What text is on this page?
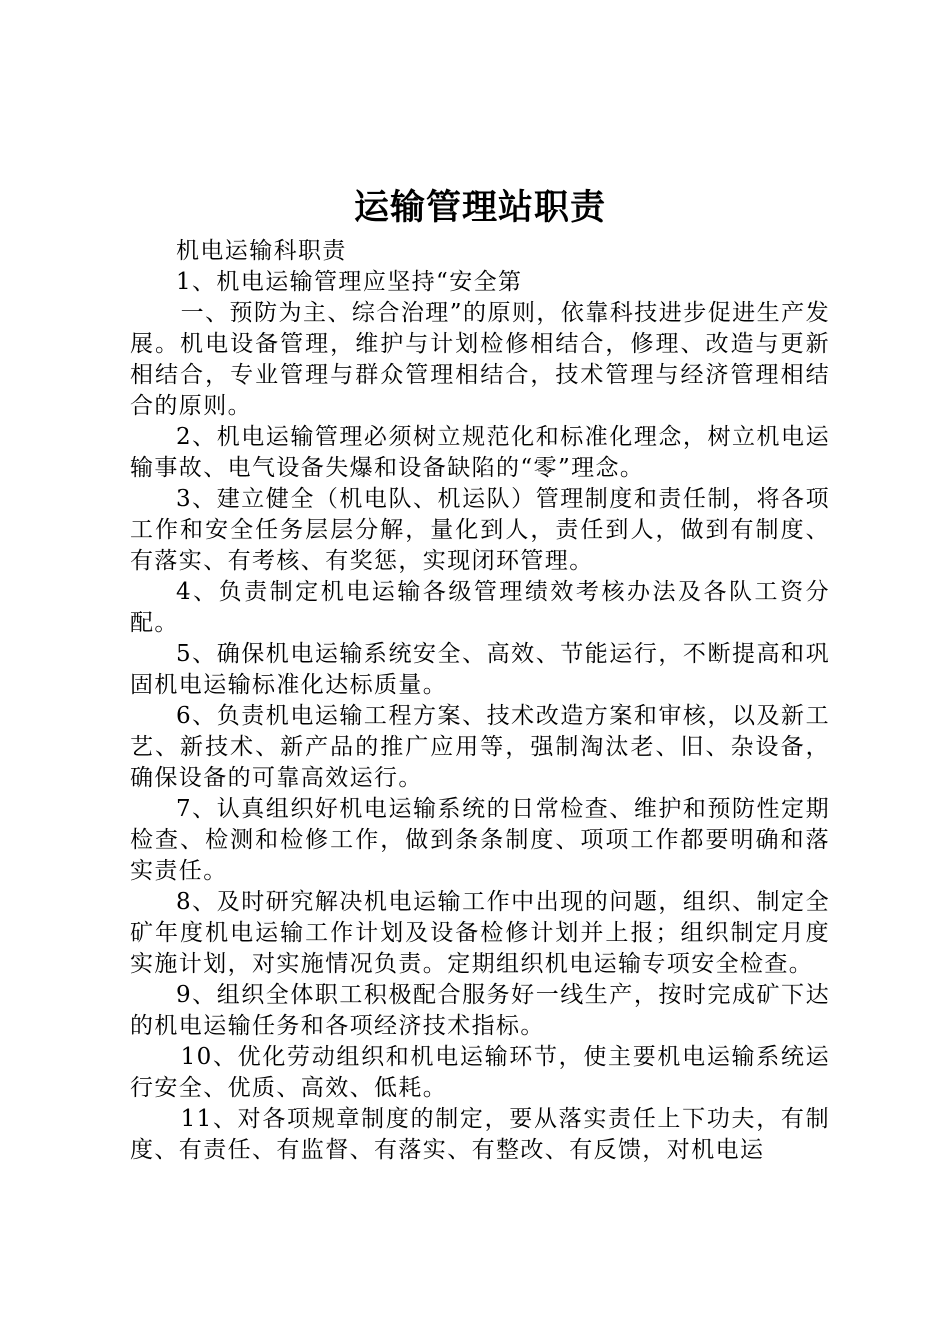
运输管理站职责

机电运输科职责

1、机电运输管理应坚持“安全第

一、预防为主、综合治理”的原则，依靠科技进步促进生产发展。机电设备管理，维护与计划检修相结合，修理、改造与更新相结合，专业管理与群众管理相结合，技术管理与经济管理相结合的原则。

2、机电运输管理必须树立规范化和标准化理念，树立机电运输事故、电气设备失爆和设备缺陷的“零”理念。

3、建立健全（机电队、机运队）管理制度和责任制，将各项工作和安全任务层层分解，量化到人，责任到人，做到有制度、有落实、有考核、有奖惩，实现闭环管理。

4、负责制定机电运输各级管理绩效考核办法及各队工资分配。

5、确保机电运输系统安全、高效、节能运行，不断提高和巩固机电运输标准化达标质量。

6、负责机电运输工程方案、技术改造方案和审核，以及新工艺、新技术、新产品的推广应用等，强制淘汰老、旧、杂设备，确保设备的可靠高效运行。

7、认真组织好机电运输系统的日常检查、维护和预防性定期检查、检测和检修工作，做到条条制度、项项工作都要明确和落实责任。

8、及时研究解决机电运输工作中出现的问题，组织、制定全矿年度机电运输工作计划及设备检修计划并上报；组织制定月度实施计划，对实施情况负责。定期组织机电运输专项安全检查。

9、组织全体职工积极配合服务好一线生产，按时完成矿下达的机电运输任务和各项经济技术指标。

10、优化劳动组织和机电运输环节，使主要机电运输系统运行安全、优质、高效、低耗。

11、对各项规章制度的制定，要从落实责任上下功夫，有制度、有责任、有监督、有落实、有整改、有反馈，对机电运
